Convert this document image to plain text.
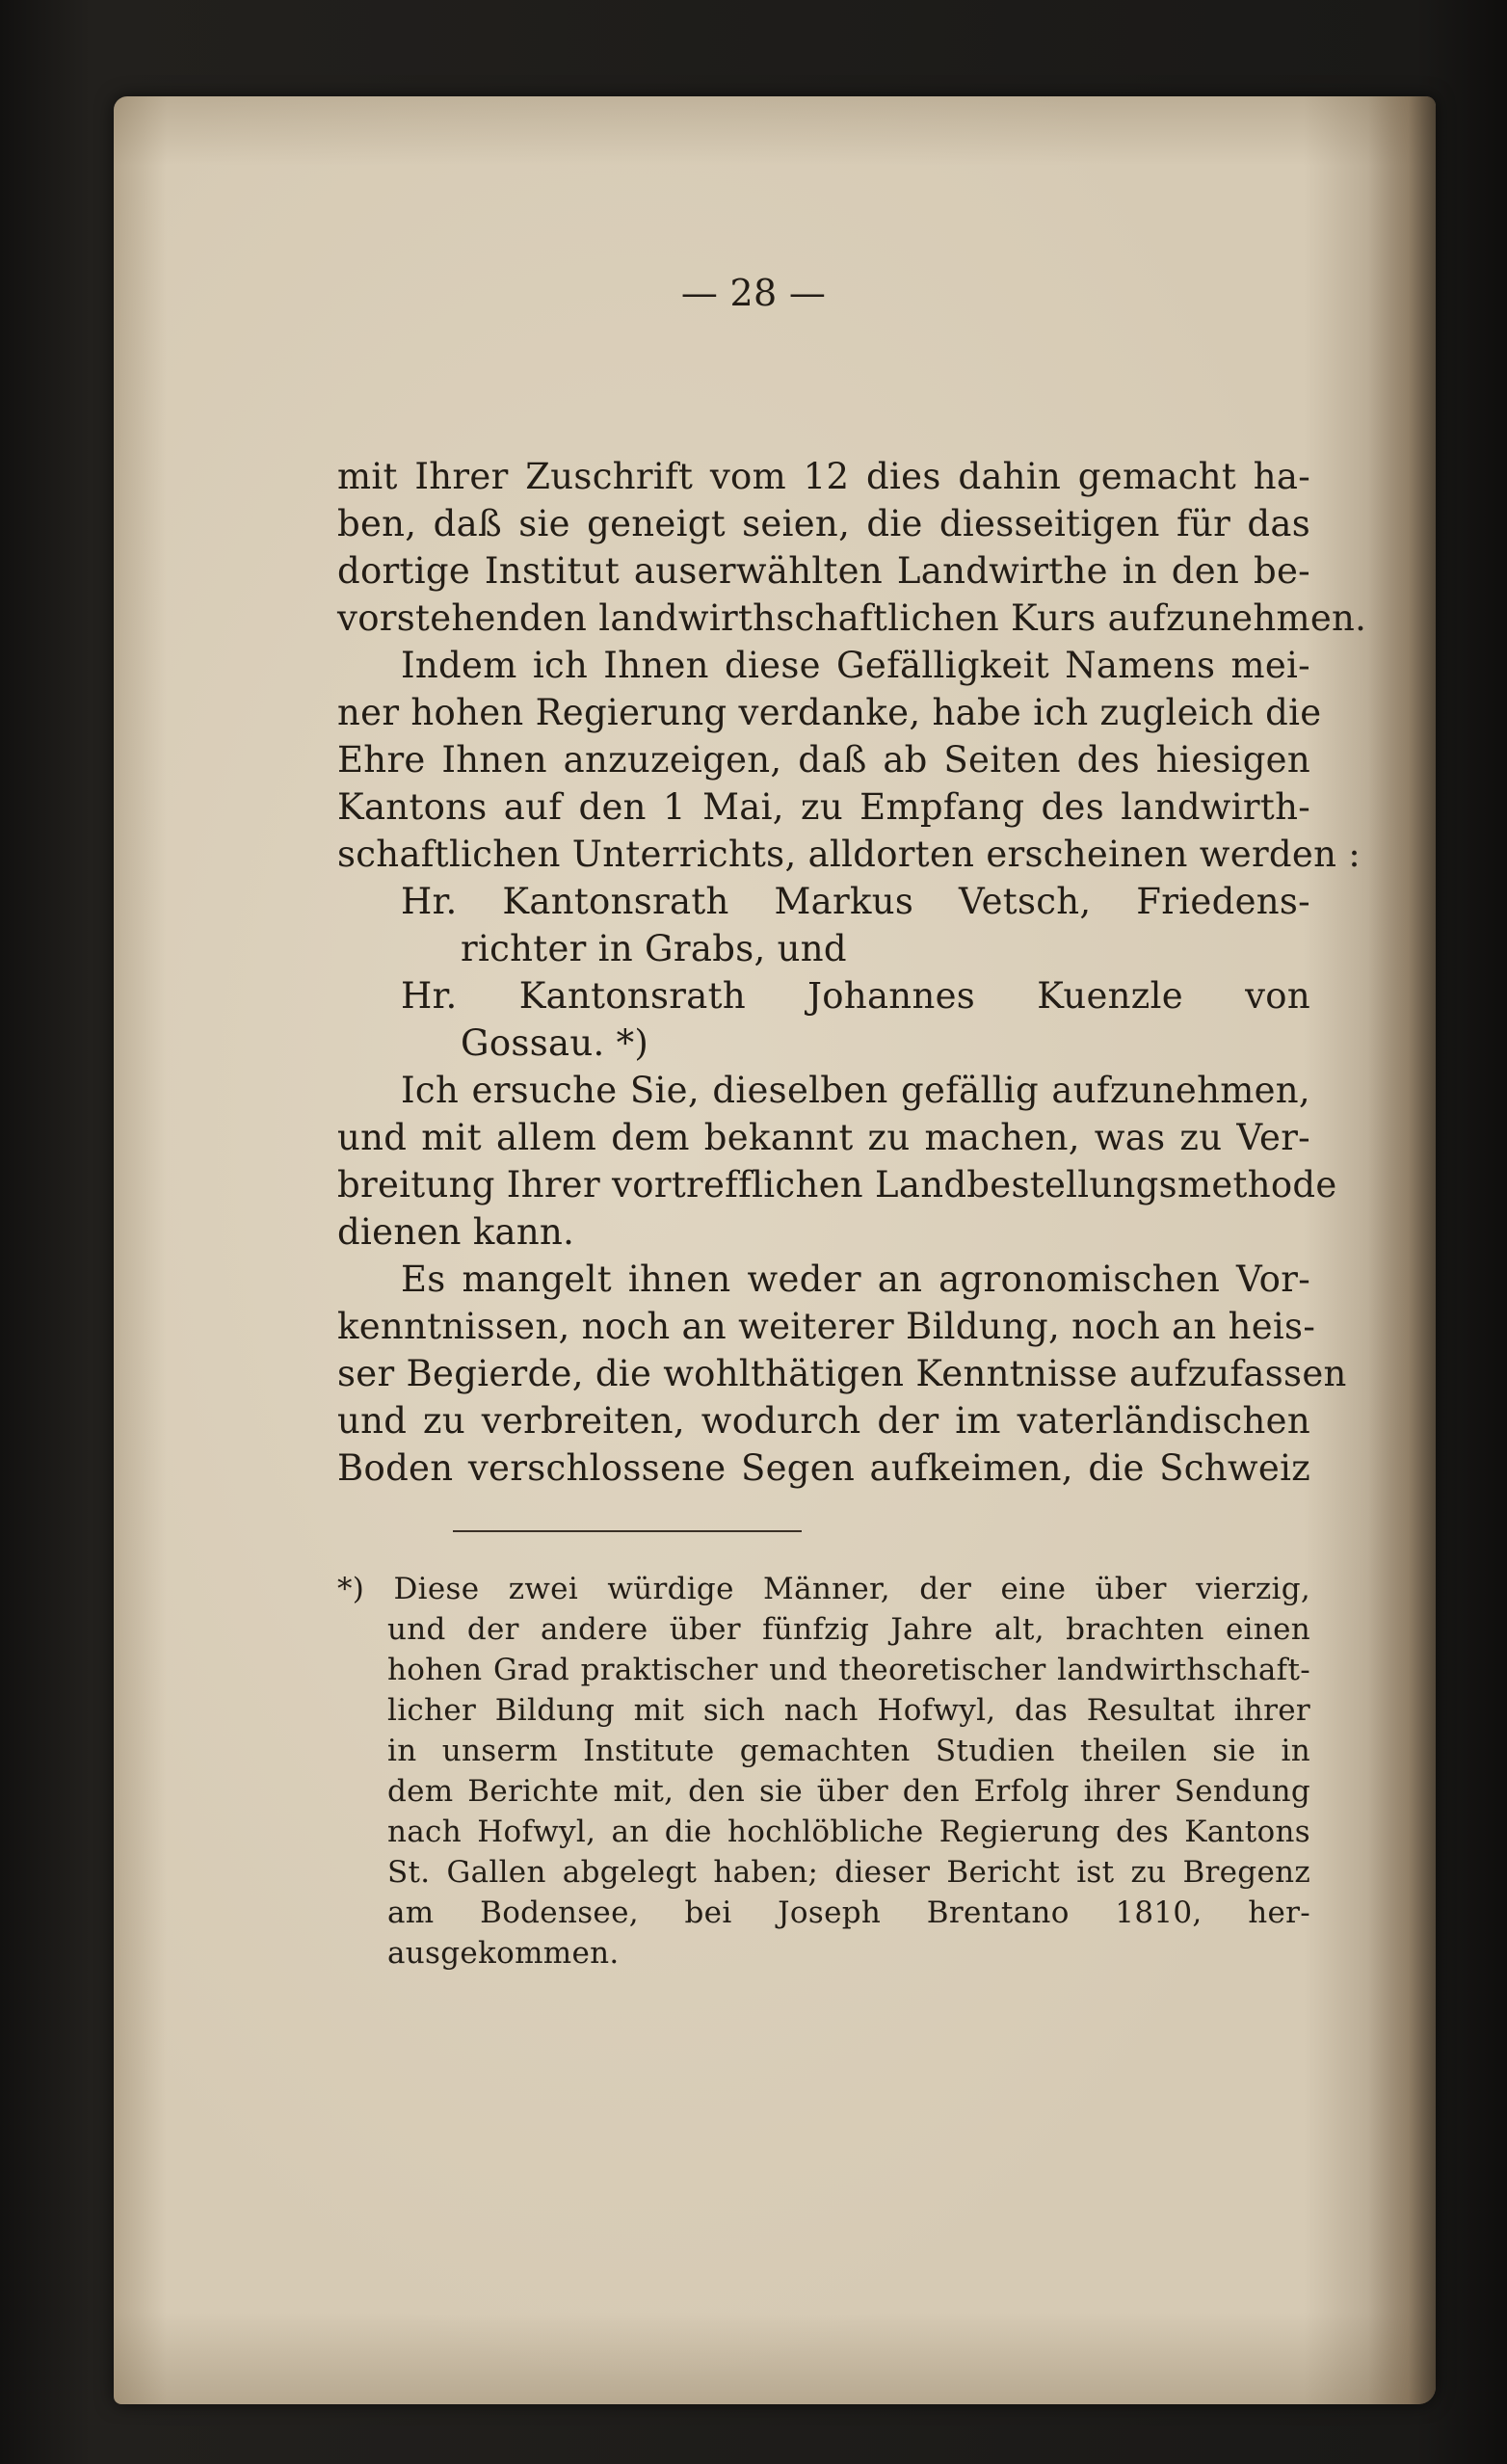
— 28 —
mit Ihrer Zuschrift vom 12 dies dahin gemacht ha-
ben, daß sie geneigt seien, die diesseitigen für das
dortige Institut auserwählten Landwirthe in den be-
vorstehenden landwirthschaftlichen Kurs aufzunehmen.
Indem ich Ihnen diese Gefälligkeit Namens mei-
ner hohen Regierung verdanke, habe ich zugleich die
Ehre Ihnen anzuzeigen, daß ab Seiten des hiesigen
Kantons auf den 1 Mai, zu Empfang des landwirth-
schaftlichen Unterrichts, alldorten erscheinen werden :
Hr. Kantonsrath Markus Vetsch, Friedens-
richter in Grabs, und
Hr. Kantonsrath Johannes Kuenzle von
Gossau. *)
Ich ersuche Sie, dieselben gefällig aufzunehmen,
und mit allem dem bekannt zu machen, was zu Ver-
breitung Ihrer vortrefflichen Landbestellungsmethode
dienen kann.
Es mangelt ihnen weder an agronomischen Vor-
kenntnissen, noch an weiterer Bildung, noch an heis-
ser Begierde, die wohlthätigen Kenntnisse aufzufassen
und zu verbreiten, wodurch der im vaterländischen
Boden verschlossene Segen aufkeimen, die Schweiz
*) Diese zwei würdige Männer, der eine über vierzig,
und der andere über fünfzig Jahre alt, brachten einen
hohen Grad praktischer und theoretischer landwirthschaft-
licher Bildung mit sich nach Hofwyl, das Resultat ihrer
in unserm Institute gemachten Studien theilen sie in
dem Berichte mit, den sie über den Erfolg ihrer Sendung
nach Hofwyl, an die hochlöbliche Regierung des Kantons
St. Gallen abgelegt haben; dieser Bericht ist zu Bregenz
am Bodensee, bei Joseph Brentano 1810, her-
ausgekommen.
